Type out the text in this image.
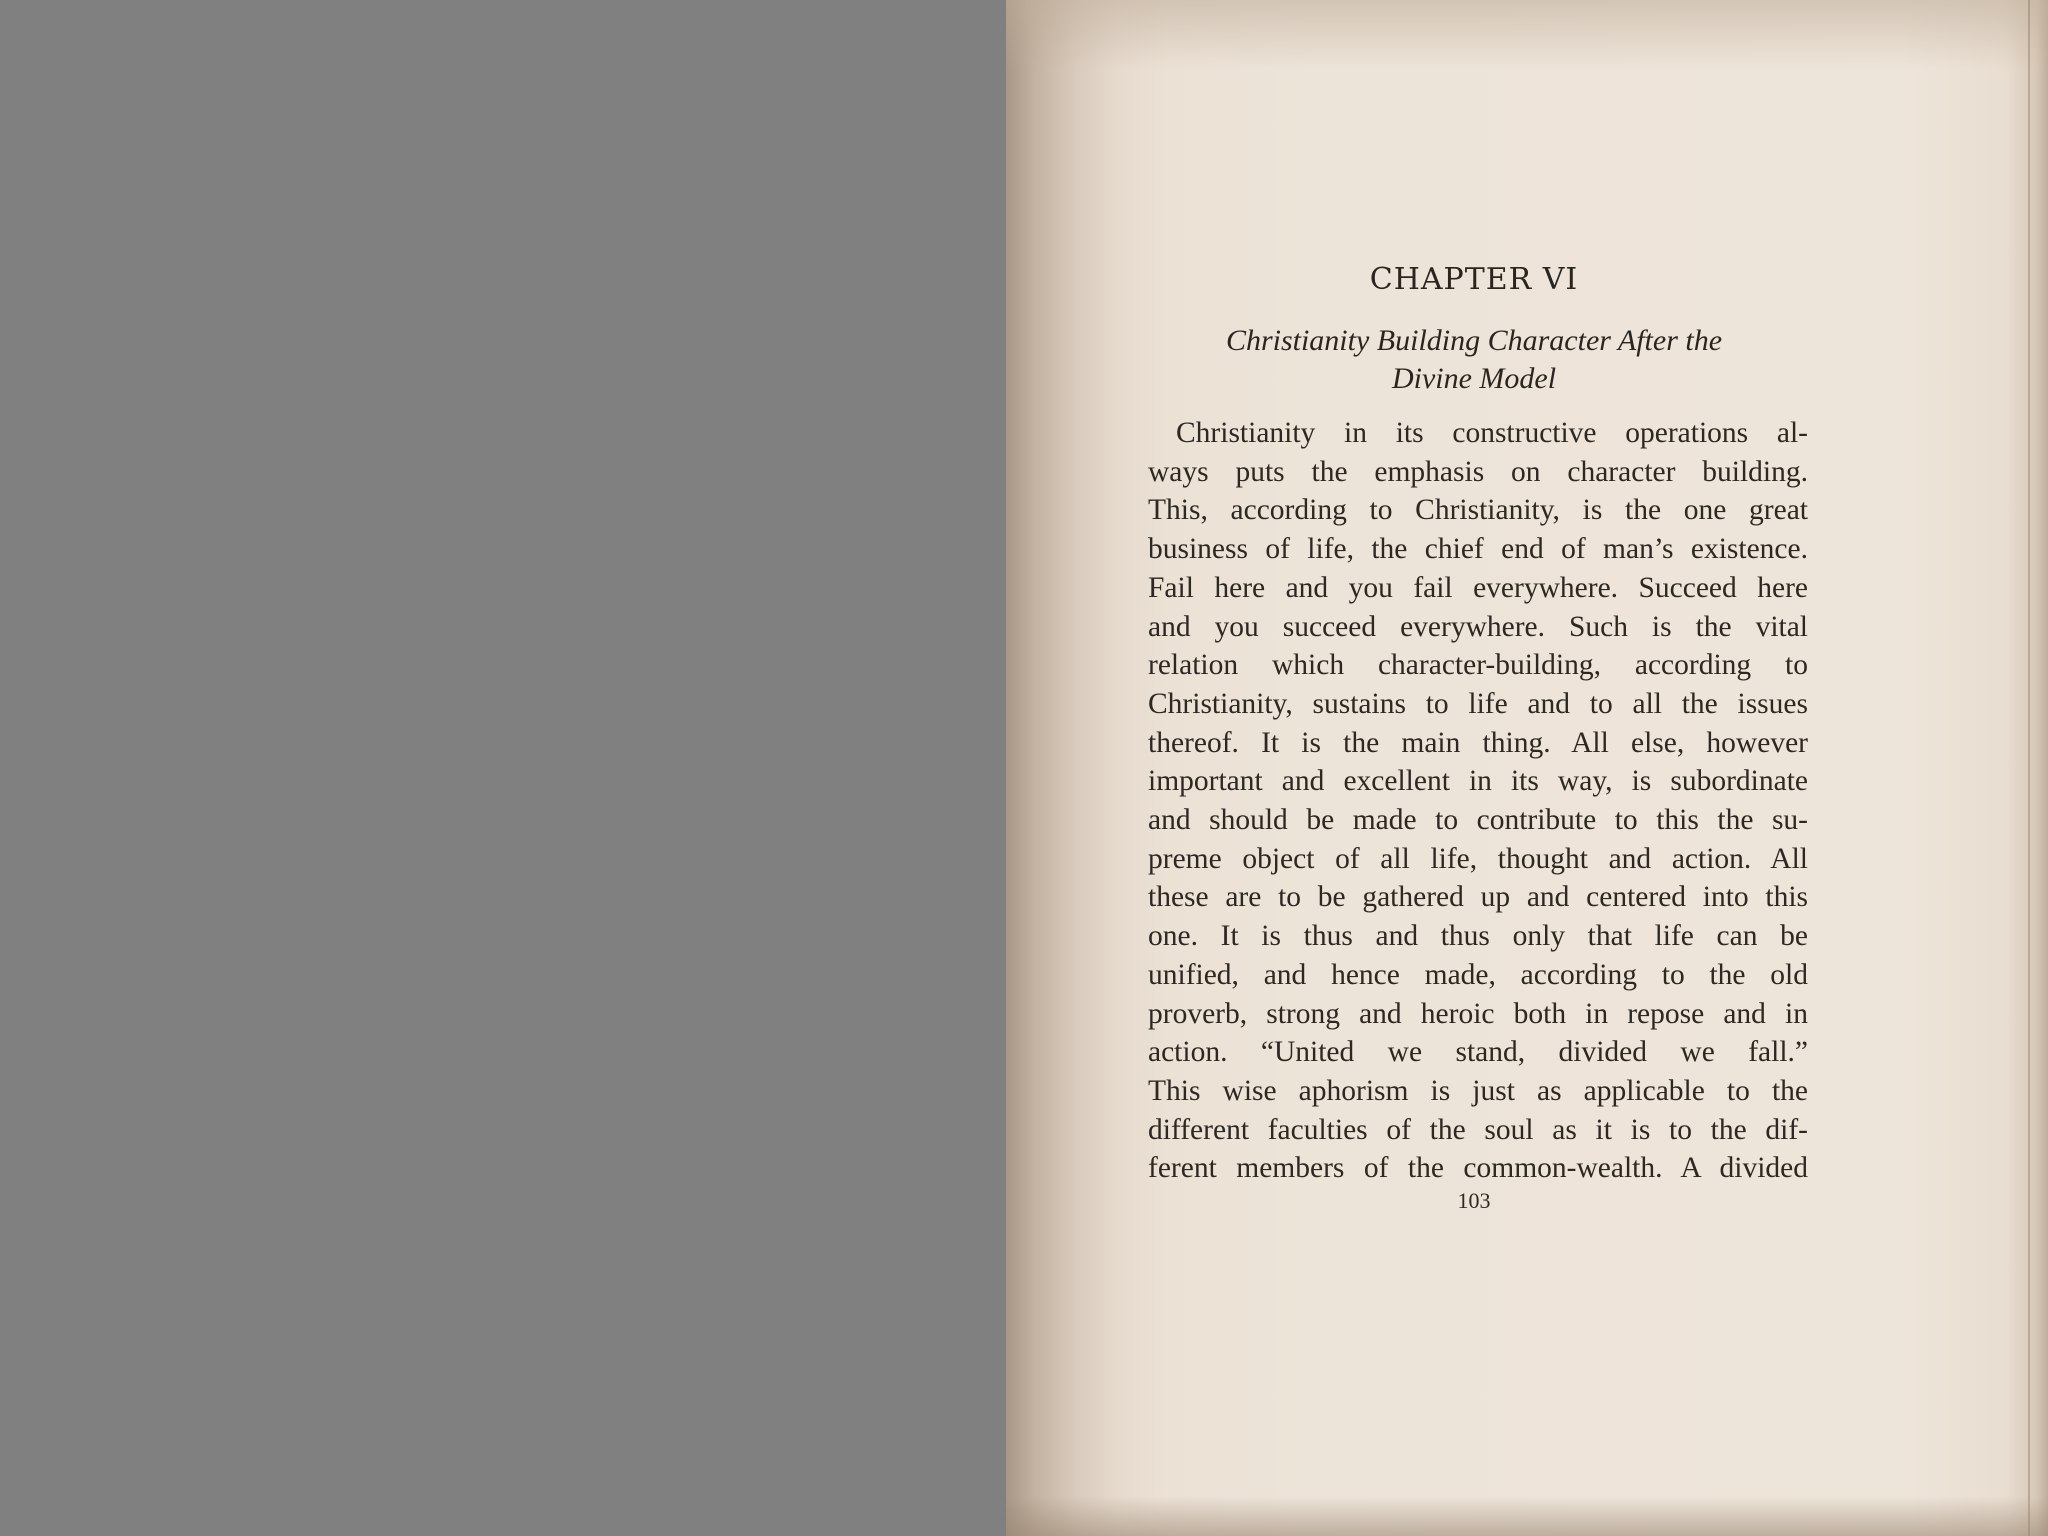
CHAPTER VI
Christianity Building Character After the
Divine Model
Christianity in its constructive operations al-
ways puts the emphasis on character building.
This, according to Christianity, is the one great
business of life, the chief end of man’s existence.
Fail here and you fail everywhere. Succeed here
and you succeed everywhere. Such is the vital
relation which character-building, according to
Christianity, sustains to life and to all the issues
thereof. It is the main thing. All else, however
important and excellent in its way, is subordinate
and should be made to contribute to this the su-
preme object of all life, thought and action. All
these are to be gathered up and centered into this
one. It is thus and thus only that life can be
unified, and hence made, according to the old
proverb, strong and heroic both in repose and in
action. “United we stand, divided we fall.”
This wise aphorism is just as applicable to the
different faculties of the soul as it is to the dif-
ferent members of the common-wealth. A divided
103
